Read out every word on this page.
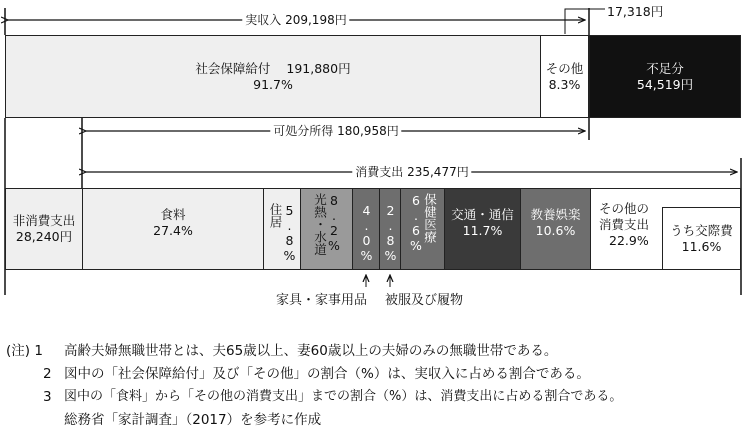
実収入 209,198円
17,318円
可処分所得 180,958円
消費支出 235,477円
社会保障給付 191,880円
91.7%
その他
8.3%
不足分
54,519円
非消費支出
28,240円
食料
27.4%
住居 5.8% 光熱・水道 8.2% 4.0% 2.8% 6.6% 保健医療 交通・通信
11.7%
教養娯楽
10.6%
その他の
消費支出
22.9%
うち交際費
11.6%
家具・家事用品 被服及び履物
(注) 1 高齢夫婦無職世帯とは、夫65歳以上、妻60歳以上の夫婦のみの無職世帯である。
2 図中の「社会保障給付」及び「その他」の割合（%）は、実収入に占める割合である。
3 図中の「食料」から「その他の消費支出」までの割合（%）は、消費支出に占める割合である。
総務省「家計調査」（2017）を参考に作成
